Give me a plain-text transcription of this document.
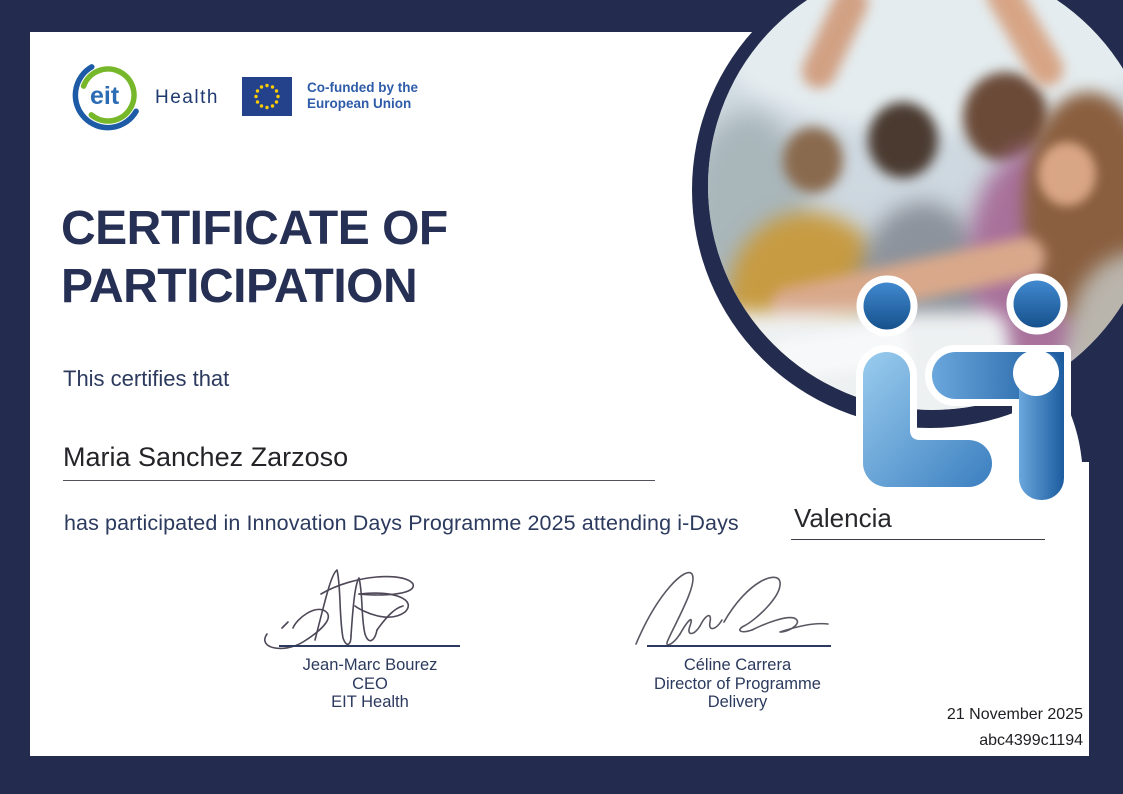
eit Health	Co-funded by the
European Union
CERTIFICATE OF
PARTICIPATION
This certifies that
Maria Sanchez Zarzoso
has participated in Innovation Days Programme 2025 attending i-Days Valencia
Jean-Marc Bourez
CEO
EIT Health
Céline Carrera
Director of Programme
Delivery
21 November 2025
abc4399c1194
